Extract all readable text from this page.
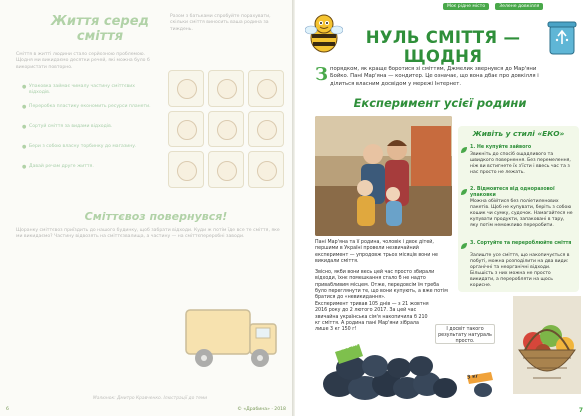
Життя серед сміття
Сміття в житті людини стало серйозною проблемою. Щодня ми викидаємо десятки речей, які можна було б використати повторно.
● Упаковка займає чималу частину сміттєвих відходів.
● Переробка пластику економить ресурси планети.
● Сортуй сміття за видами відходів.
● Бери з собою власну торбинку до магазину.
● Давай речам друге життя.
Разом з батьками спробуйте порахувати, скільки сміття виносить ваша родина за тиждень.
Сміттєвоз повернувся!
Щоранку сміттєвоз приїздить до нашого будинку, щоб забрати відходи. Куди ж потім їде все те сміття, яке ми викидаємо? Частину відвозять на сміттєзвалища, а частину — на сміттєпереробні заводи.
Малюнок: Дмитро Кравченко. Ілюстрації до теми
6	© «Драбина» · 2018
Моє рідне місто	Зелене довкілля
НУЛЬ СМІТТЯ — ЩОДНЯ
Зпорядком, як краще боротися зі сміттям, Джмелик звернувся до Мар'яни Бойко. Пані Мар'яна — кондитер. Це означає, що вона дбає про довкілля і ділиться власним досвідом у мережі Інтернет.
Експеримент усієї родини
Пані Мар'яна та її родина, чоловік і двоє дітей, першими в Україні провели незвичайний експеримент — упродовж трьох місяців вони не викидали сміття.
Звісно, якби вони весь цей час просто збирали відходи, їхнє помешкання стало б не надто привабливим місцем. Отже, передовсім їм треба було переглянути те, що вони купують, а вже потім братися до «невикидання».
Експеримент тривав 105 днів — з 21 жовтня 2016 року до 2 лютого 2017. За цей час звичайна українська сім'я накопичила б 210 кг сміття. А родина пані Мар'яни зібрала лише 3 кг 150 г!
Живіть у стилі «ЕКО»
1. Не купуйте зайвого
Звикніть до спосіб ощадливого та швидкого повернення. Без перемелення, ніж ви встигнете їх з'їсти і ввесь час та з нас просто не лежать.
2. Відмовтеся від одноразової упаковки
Можна обійтися без поліетиленових пакетів. Щоб не купувати, беріть з собою кошик чи сумку, судочок. Намагайтеся не купувати продукти, запаковані в тару, яку потім неможливо переробити.
3. Сортуйте та перероблюйте сміття
Залиште усе сміття, що накопичується в побуті, можна розподілити на два види: органічні та неорганічні відходи. Більшість з них можна не просто викидати, а переробляти на щось корисне.
210 кг
3 кг
І досвіт такого результату натураль просто.
7
